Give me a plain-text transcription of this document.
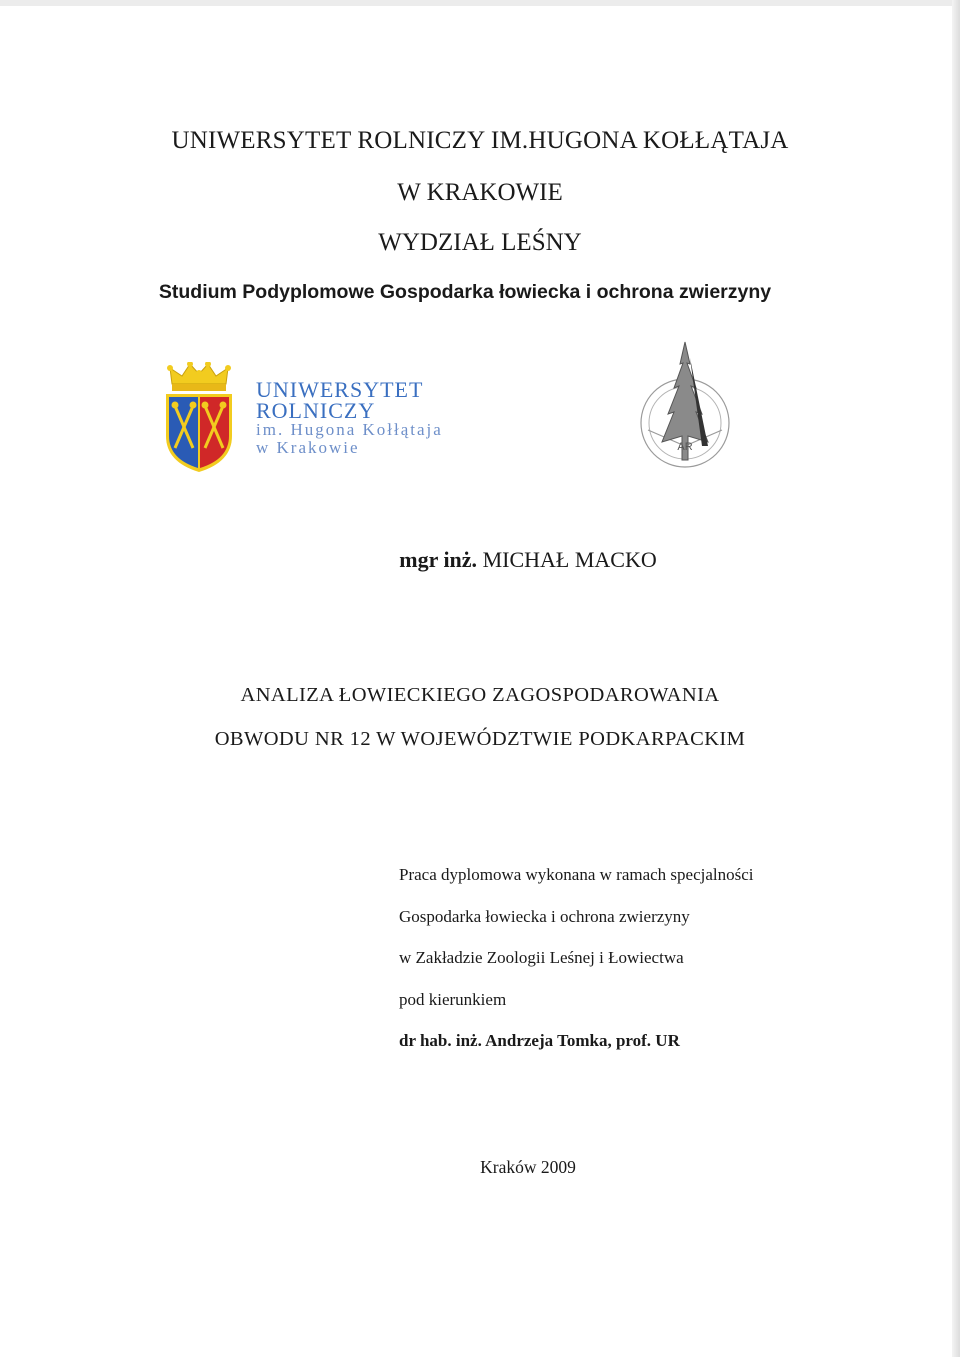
UNIWERSYTET ROLNICZY IM.HUGONA KOŁŁĄTAJA
W KRAKOWIE
WYDZIAŁ LEŚNY
Studium Podyplomowe Gospodarka łowiecka i ochrona zwierzyny
UNIWERSYTET
ROLNICZY
im. Hugona Kołłątaja
w Krakowie	AR
mgr inż. MICHAŁ MACKO
ANALIZA ŁOWIECKIEGO ZAGOSPODAROWANIA
OBWODU NR 12 W WOJEWÓDZTWIE PODKARPACKIM
Praca dyplomowa wykonana w ramach specjalności
Gospodarka łowiecka i ochrona zwierzyny
w Zakładzie Zoologii Leśnej i Łowiectwa
pod kierunkiem
dr hab. inż. Andrzeja Tomka, prof. UR
Kraków 2009
